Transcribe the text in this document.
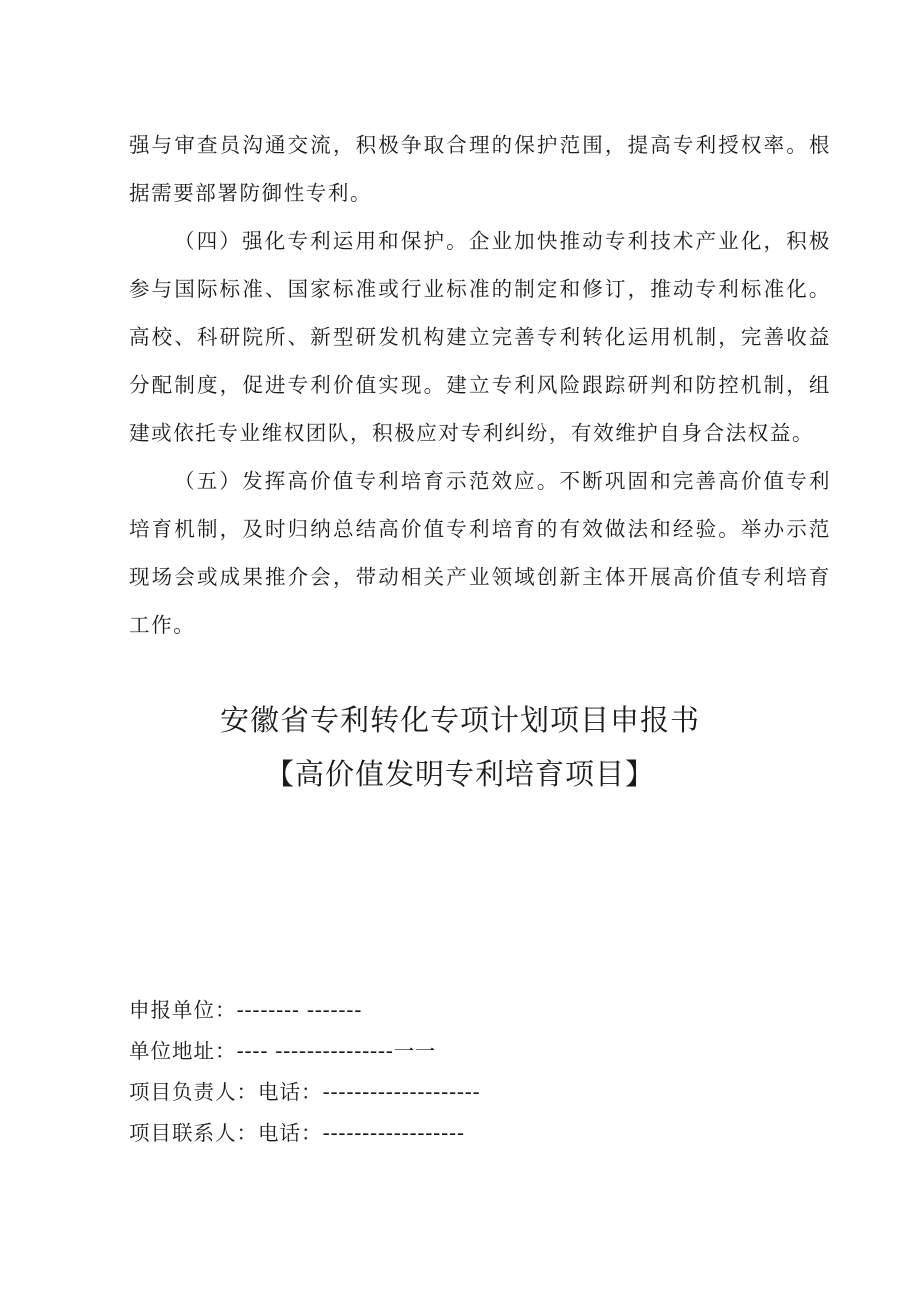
强与审查员沟通交流，积极争取合理的保护范围，提高专利授权率。根据需要部署防御性专利。

（四）强化专利运用和保护。企业加快推动专利技术产业化，积极参与国际标准、国家标准或行业标准的制定和修订，推动专利标准化。高校、科研院所、新型研发机构建立完善专利转化运用机制，完善收益分配制度，促进专利价值实现。建立专利风险跟踪研判和防控机制，组建或依托专业维权团队，积极应对专利纠纷，有效维护自身合法权益。

（五）发挥高价值专利培育示范效应。不断巩固和完善高价值专利培育机制，及时归纳总结高价值专利培育的有效做法和经验。举办示范现场会或成果推介会，带动相关产业领域创新主体开展高价值专利培育工作。

安徽省专利转化专项计划项目申报书

【高价值发明专利培育项目】

申报单位：-------- -------
单位地址：---- ---------------一一
项目负责人：电话：--------------------
项目联系人：电话：------------------
